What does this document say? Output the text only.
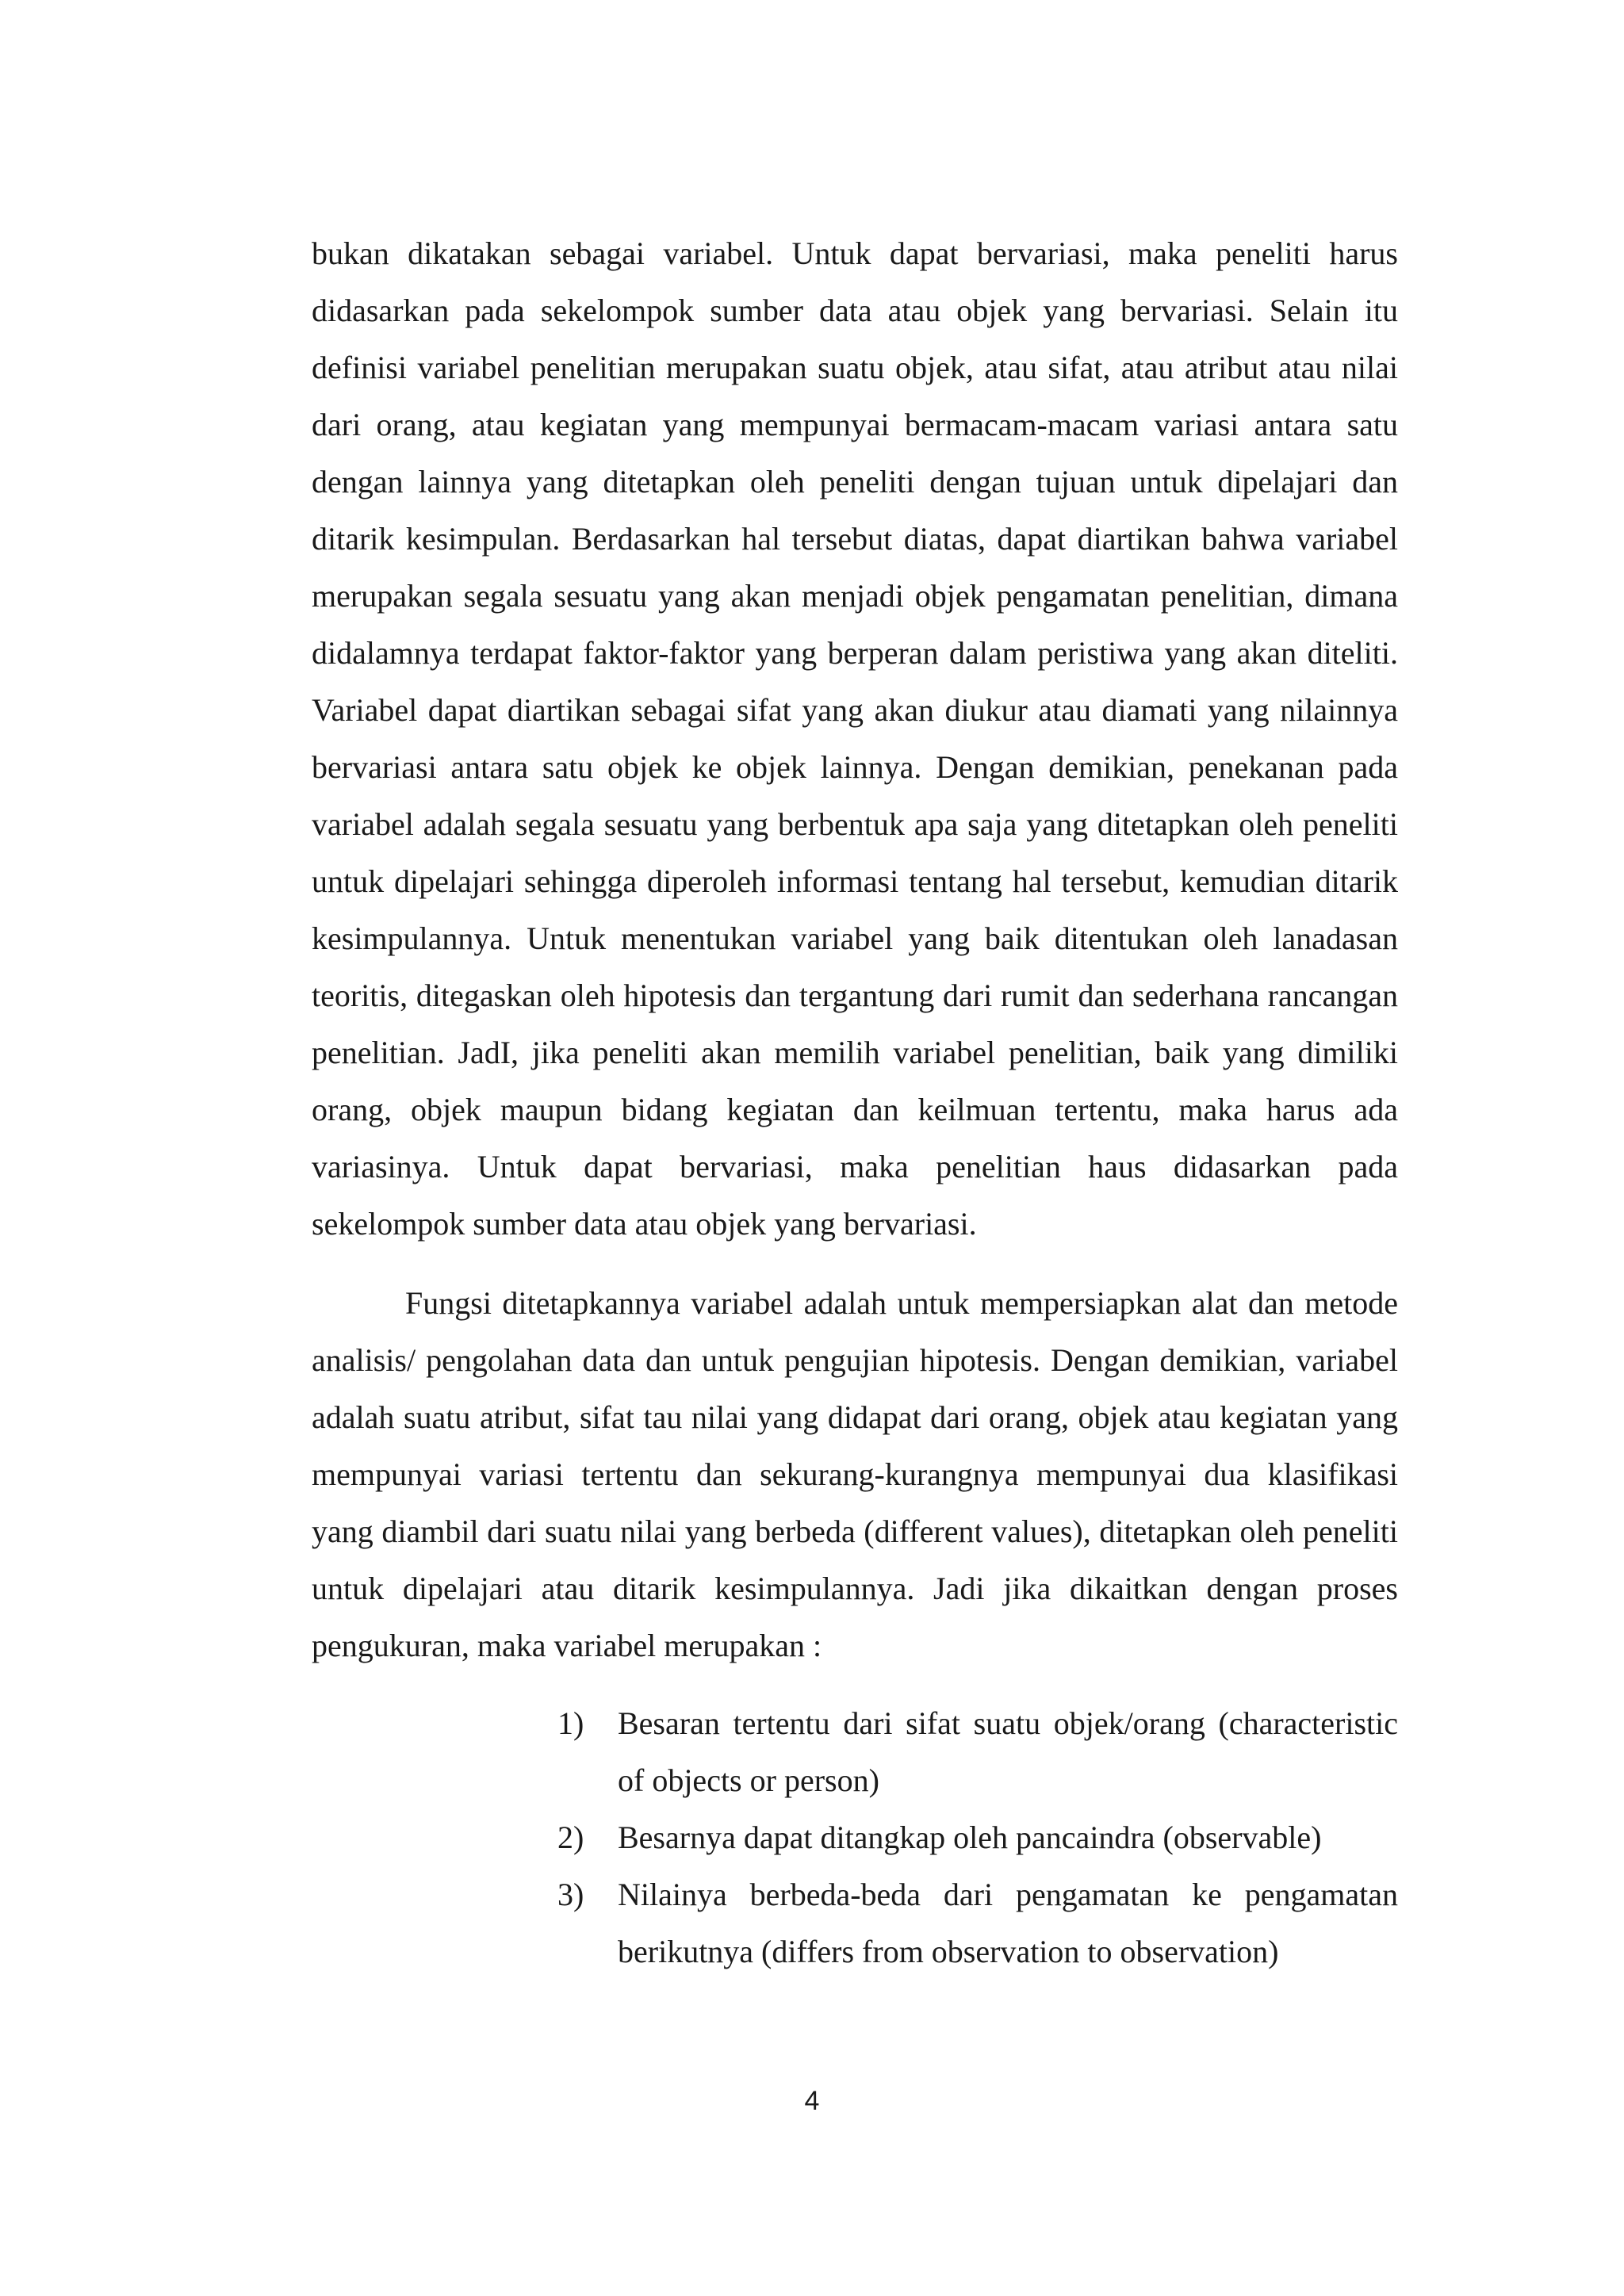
bukan dikatakan sebagai variabel. Untuk dapat bervariasi, maka peneliti harus didasarkan pada sekelompok sumber data atau objek yang bervariasi. Selain itu definisi variabel penelitian merupakan suatu objek, atau sifat, atau atribut atau nilai dari orang, atau kegiatan yang mempunyai bermacam-macam variasi antara satu dengan lainnya yang ditetapkan oleh peneliti dengan tujuan untuk dipelajari dan ditarik kesimpulan. Berdasarkan hal tersebut diatas, dapat diartikan bahwa variabel merupakan segala sesuatu yang akan menjadi objek pengamatan penelitian, dimana didalamnya terdapat faktor-faktor yang berperan dalam peristiwa yang akan diteliti. Variabel dapat diartikan sebagai sifat yang akan diukur atau diamati yang nilainnya bervariasi antara satu objek ke objek lainnya. Dengan demikian, penekanan pada variabel adalah segala sesuatu yang berbentuk apa saja yang ditetapkan oleh peneliti untuk dipelajari sehingga diperoleh informasi tentang hal tersebut, kemudian ditarik kesimpulannya. Untuk menentukan variabel yang baik ditentukan oleh lanadasan teoritis, ditegaskan oleh hipotesis dan tergantung dari rumit dan sederhana rancangan penelitian. JadI, jika peneliti akan memilih variabel penelitian, baik yang dimiliki orang, objek maupun bidang kegiatan dan keilmuan tertentu, maka harus ada variasinya. Untuk dapat bervariasi, maka penelitian haus didasarkan pada sekelompok sumber data atau objek yang bervariasi.

Fungsi ditetapkannya variabel adalah untuk mempersiapkan alat dan metode analisis/ pengolahan data dan untuk pengujian hipotesis. Dengan demikian, variabel adalah suatu atribut, sifat tau nilai yang didapat dari orang, objek atau kegiatan yang mempunyai variasi tertentu dan sekurang-kurangnya mempunyai dua klasifikasi yang diambil dari suatu nilai yang berbeda (different values), ditetapkan oleh peneliti untuk dipelajari atau ditarik kesimpulannya. Jadi jika dikaitkan dengan proses pengukuran, maka variabel merupakan :

1)	Besaran tertentu dari sifat suatu objek/orang (characteristic of objects or person)
2)	Besarnya dapat ditangkap oleh pancaindra (observable)
3)	Nilainya berbeda-beda dari pengamatan ke pengamatan berikutnya (differs from observation to observation)
4
